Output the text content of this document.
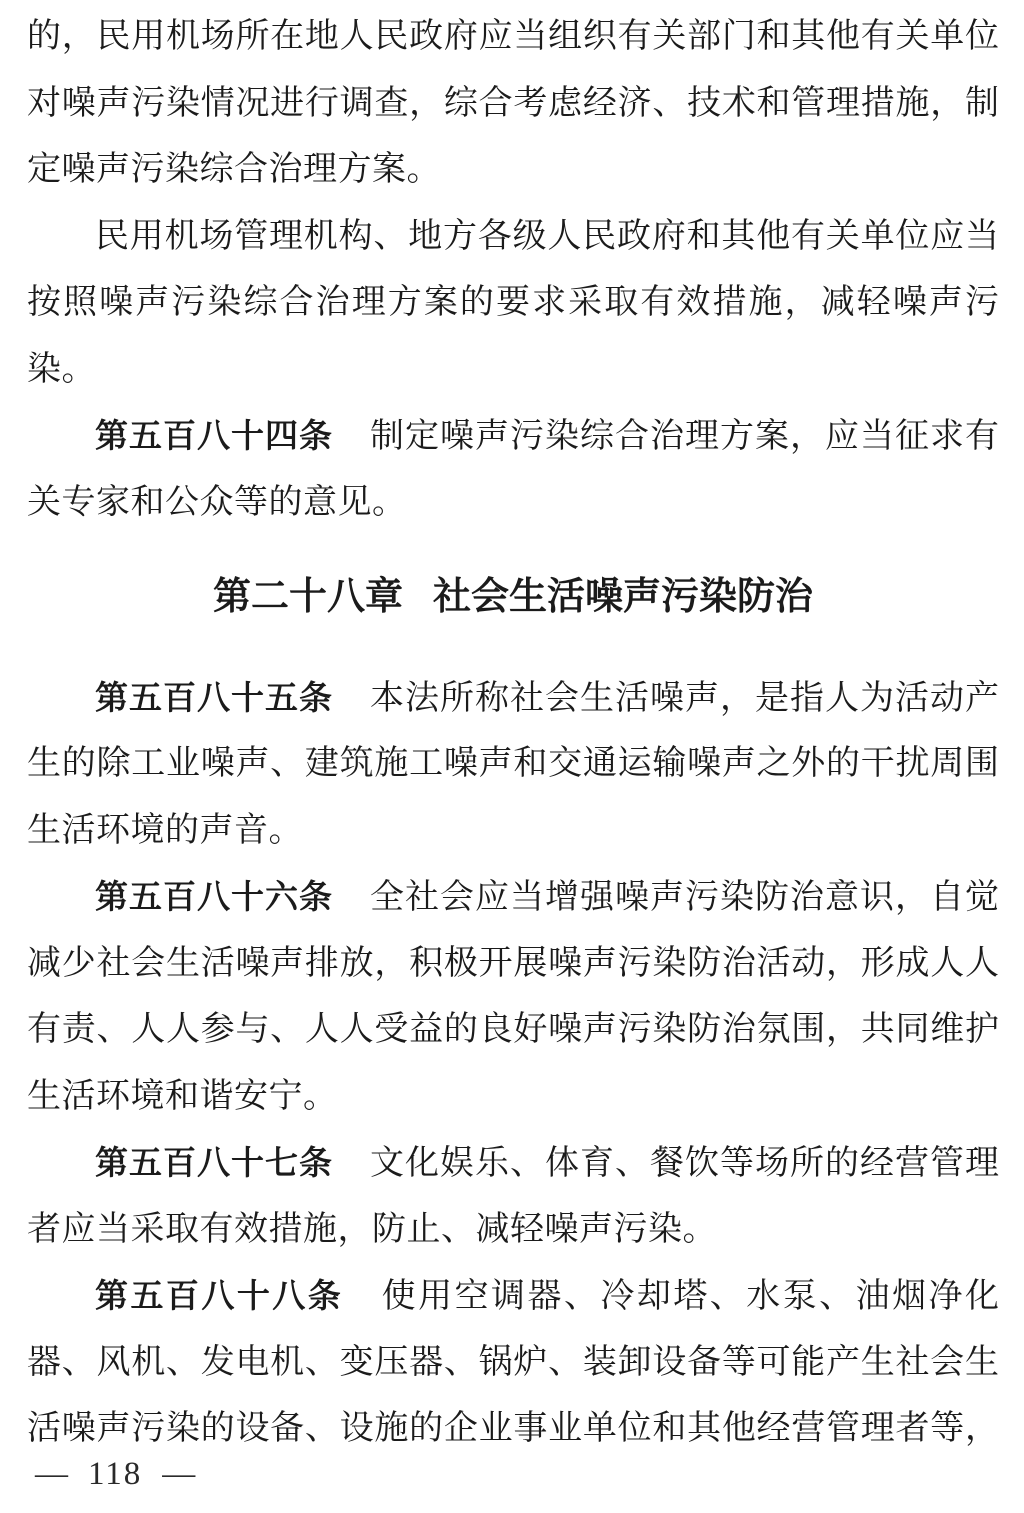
的，民用机场所在地人民政府应当组织有关部门和其他有关单位
对噪声污染情况进行调查，综合考虑经济、技术和管理措施，制
定噪声污染综合治理方案。
民用机场管理机构、地方各级人民政府和其他有关单位应当
按照噪声污染综合治理方案的要求采取有效措施，减轻噪声污
染。
第五百八十四条 制定噪声污染综合治理方案，应当征求有
关专家和公众等的意见。
第二十八章 社会生活噪声污染防治
第五百八十五条 本法所称社会生活噪声，是指人为活动产
生的除工业噪声、建筑施工噪声和交通运输噪声之外的干扰周围
生活环境的声音。
第五百八十六条 全社会应当增强噪声污染防治意识，自觉
减少社会生活噪声排放，积极开展噪声污染防治活动，形成人人
有责、人人参与、人人受益的良好噪声污染防治氛围，共同维护
生活环境和谐安宁。
第五百八十七条 文化娱乐、体育、餐饮等场所的经营管理
者应当采取有效措施，防止、减轻噪声污染。
第五百八十八条 使用空调器、冷却塔、水泵、油烟净化
器、风机、发电机、变压器、锅炉、装卸设备等可能产生社会生
活噪声污染的设备、设施的企业事业单位和其他经营管理者等，
— 118 —
